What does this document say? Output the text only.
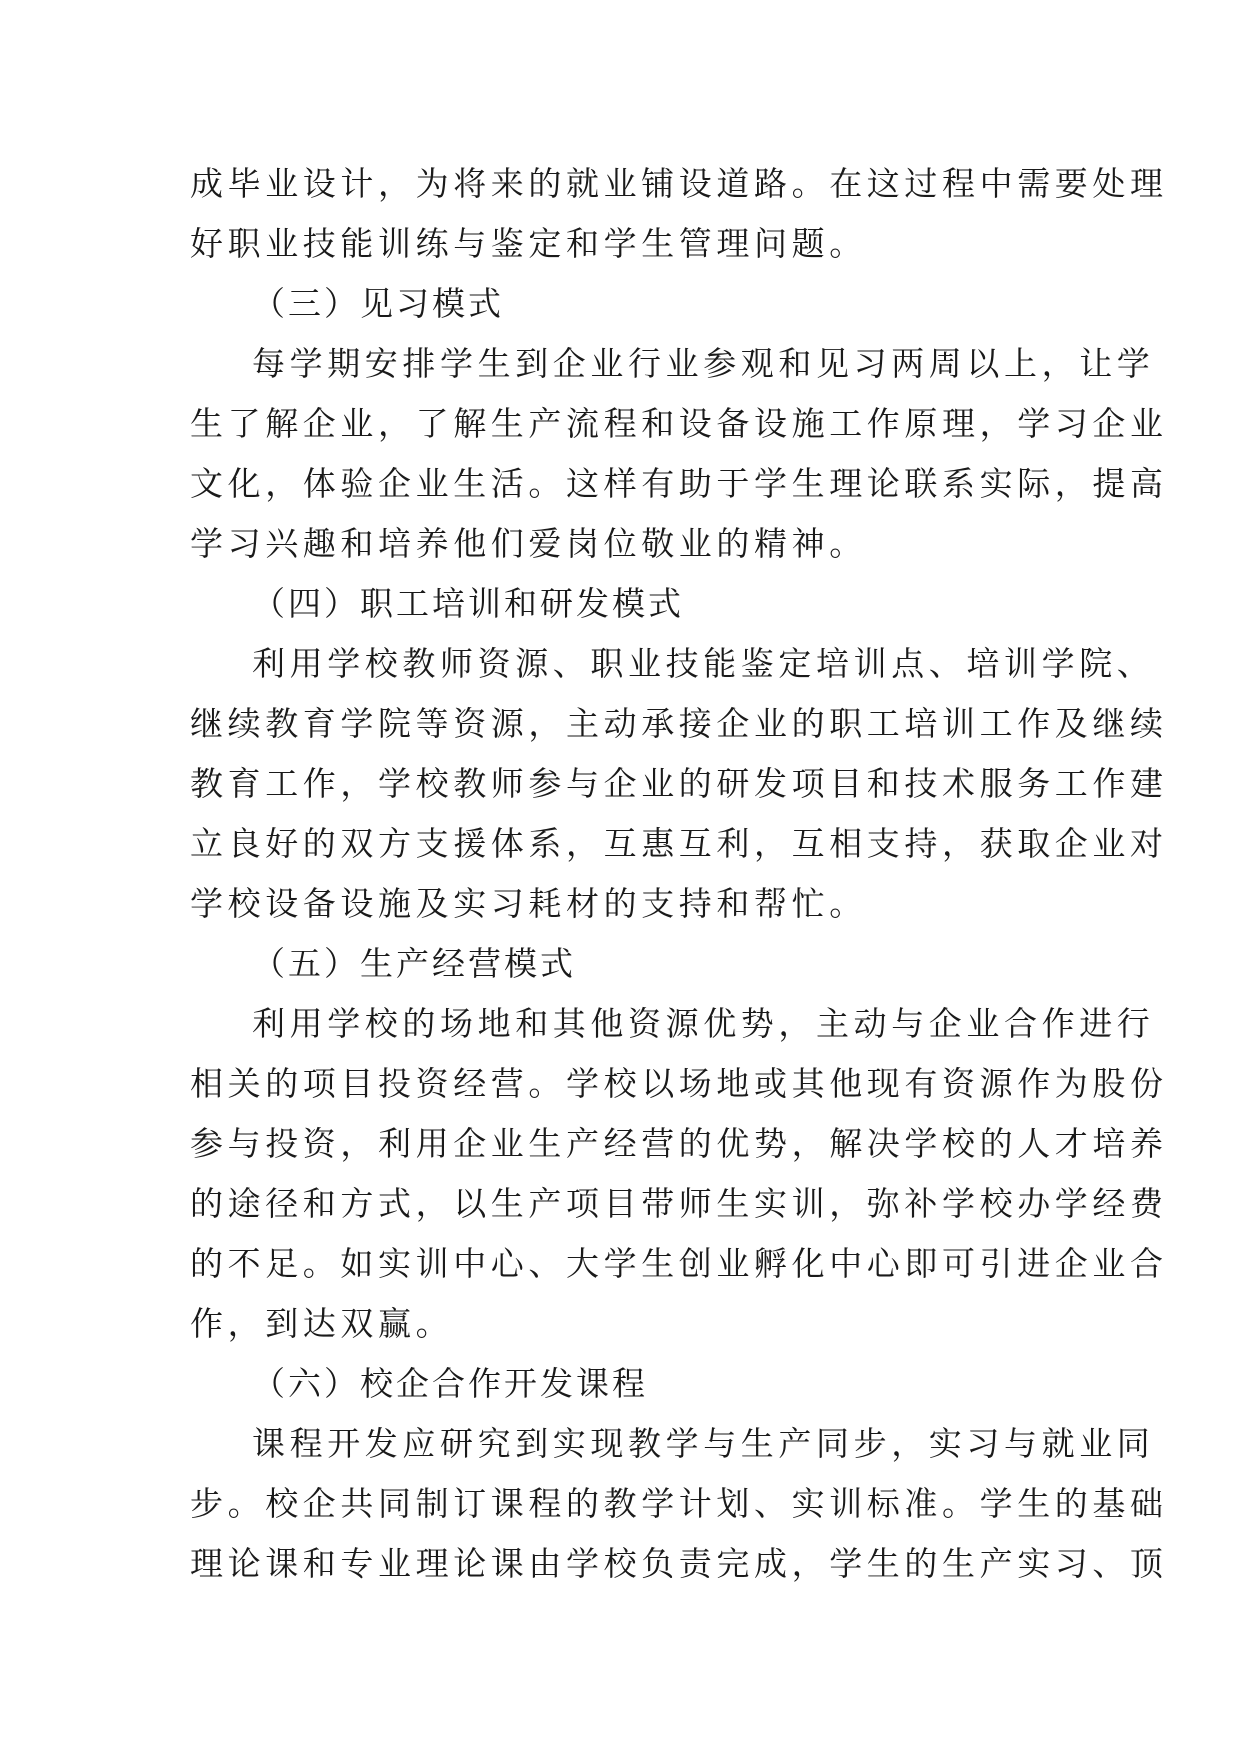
成毕业设计，为将来的就业铺设道路。在这过程中需要处理
好职业技能训练与鉴定和学生管理问题。
（三）见习模式
每学期安排学生到企业行业参观和见习两周以上，让学
生了解企业，了解生产流程和设备设施工作原理，学习企业
文化，体验企业生活。这样有助于学生理论联系实际，提高
学习兴趣和培养他们爱岗位敬业的精神。
（四）职工培训和研发模式
利用学校教师资源、职业技能鉴定培训点、培训学院、
继续教育学院等资源，主动承接企业的职工培训工作及继续
教育工作，学校教师参与企业的研发项目和技术服务工作建
立良好的双方支援体系，互惠互利，互相支持，获取企业对
学校设备设施及实习耗材的支持和帮忙。
（五）生产经营模式
利用学校的场地和其他资源优势，主动与企业合作进行
相关的项目投资经营。学校以场地或其他现有资源作为股份
参与投资，利用企业生产经营的优势，解决学校的人才培养
的途径和方式，以生产项目带师生实训，弥补学校办学经费
的不足。如实训中心、大学生创业孵化中心即可引进企业合
作，到达双赢。
（六）校企合作开发课程
课程开发应研究到实现教学与生产同步，实习与就业同
步。校企共同制订课程的教学计划、实训标准。学生的基础
理论课和专业理论课由学校负责完成，学生的生产实习、顶
